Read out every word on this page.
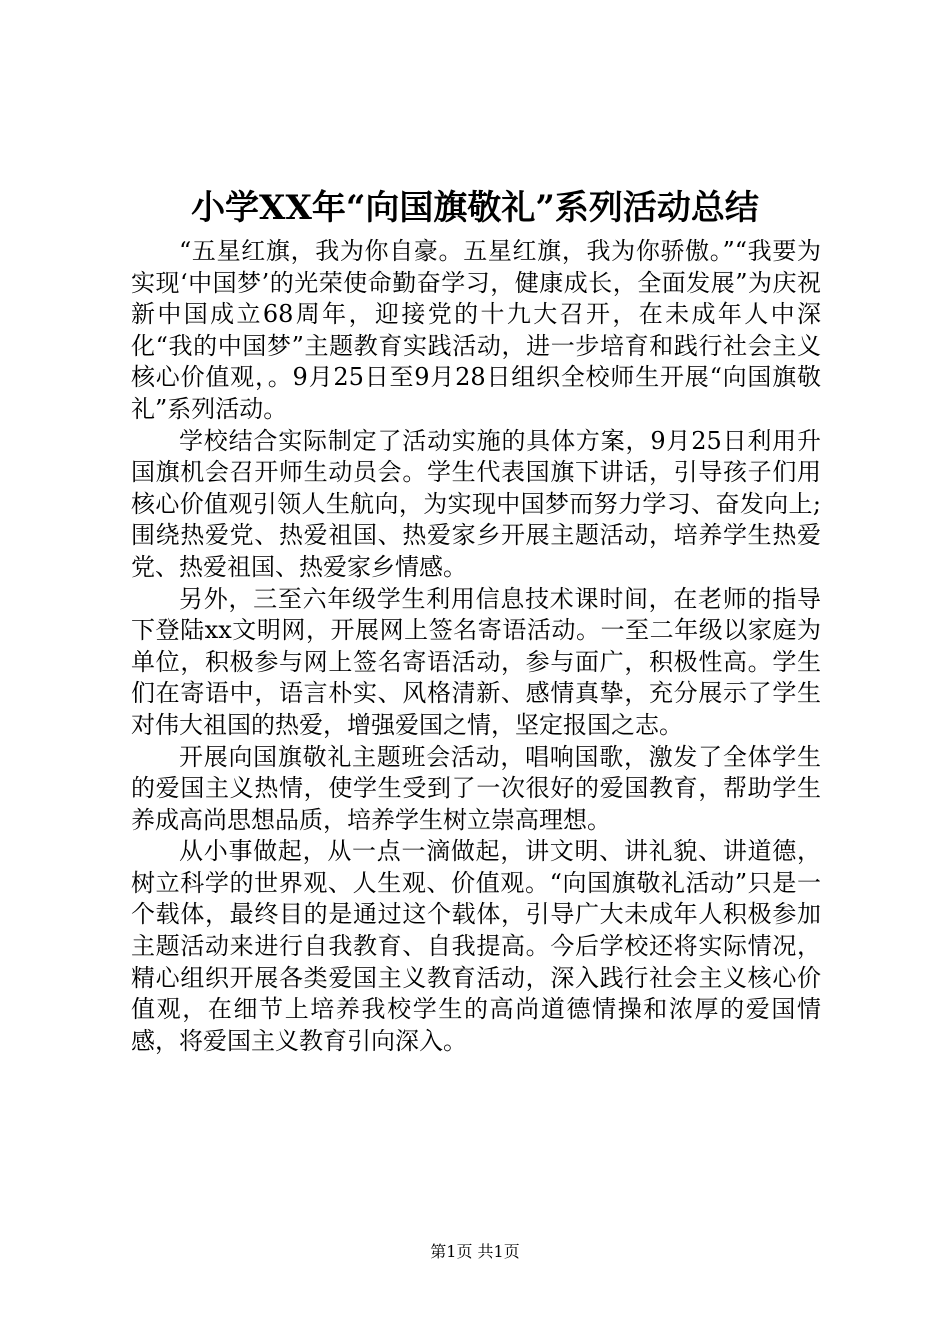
小学XX年“向国旗敬礼”系列活动总结

“五星红旗，我为你自豪。五星红旗，我为你骄傲。”“我要为实现‘中国梦’的光荣使命勤奋学习，健康成长，全面发展”为庆祝新中国成立68周年，迎接党的十九大召开，在未成年人中深化“我的中国梦”主题教育实践活动，进一步培育和践行社会主义核心价值观，。9月25日至9月28日组织全校师生开展“向国旗敬礼”系列活动。

学校结合实际制定了活动实施的具体方案，9月25日利用升国旗机会召开师生动员会。学生代表国旗下讲话，引导孩子们用核心价值观引领人生航向，为实现中国梦而努力学习、奋发向上;围绕热爱党、热爱祖国、热爱家乡开展主题活动，培养学生热爱党、热爱祖国、热爱家乡情感。

另外，三至六年级学生利用信息技术课时间，在老师的指导下登陆xx文明网，开展网上签名寄语活动。一至二年级以家庭为单位，积极参与网上签名寄语活动，参与面广，积极性高。学生们在寄语中，语言朴实、风格清新、感情真挚，充分展示了学生对伟大祖国的热爱，增强爱国之情，坚定报国之志。

开展向国旗敬礼主题班会活动，唱响国歌，激发了全体学生的爱国主义热情，使学生受到了一次很好的爱国教育，帮助学生养成高尚思想品质，培养学生树立崇高理想。

从小事做起，从一点一滴做起，讲文明、讲礼貌、讲道德，树立科学的世界观、人生观、价值观。“向国旗敬礼活动”只是一个载体，最终目的是通过这个载体，引导广大未成年人积极参加主题活动来进行自我教育、自我提高。今后学校还将实际情况，精心组织开展各类爱国主义教育活动，深入践行社会主义核心价值观，在细节上培养我校学生的高尚道德情操和浓厚的爱国情感，将爱国主义教育引向深入。

第1页 共1页
